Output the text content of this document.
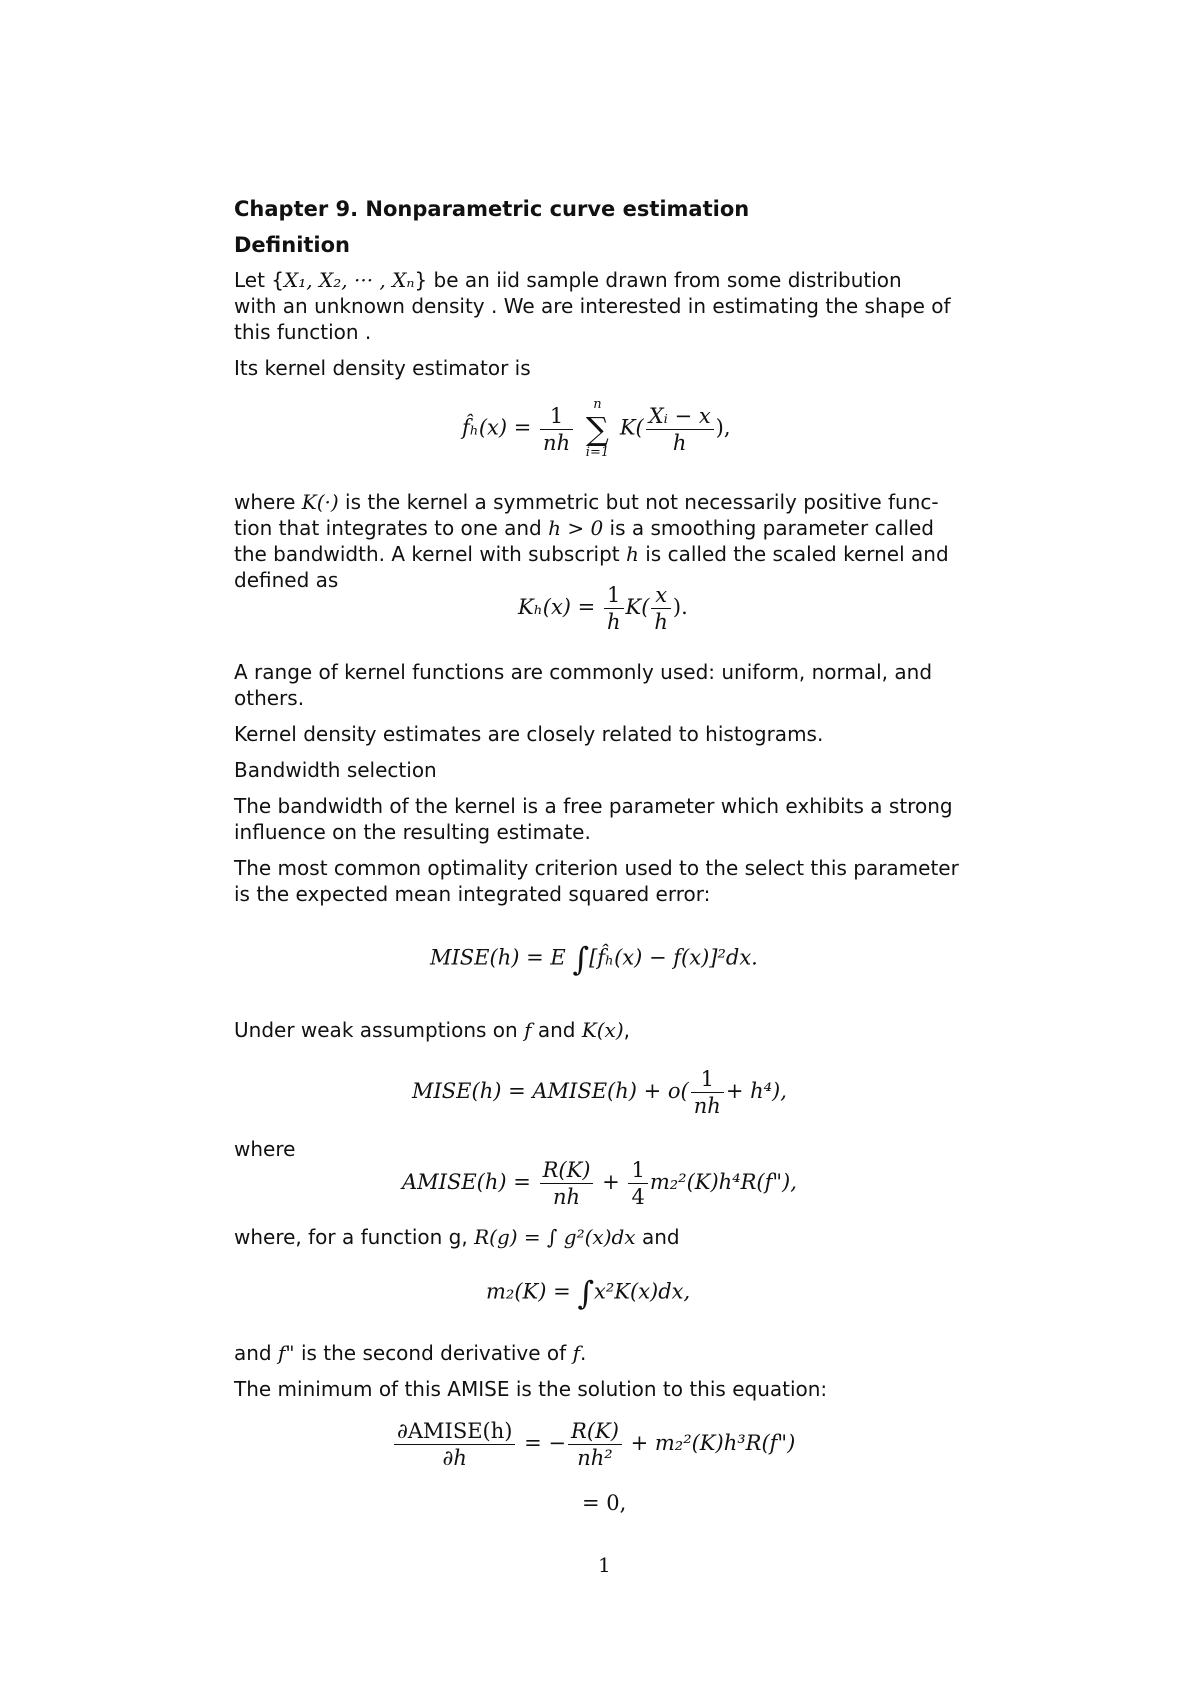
Chapter 9. Nonparametric curve estimation
Definition
Let {X₁, X₂, ··· , Xₙ} be an iid sample drawn from some distribution
with an unknown density . We are interested in estimating the shape of
this function .
Its kernel density estimator is
f̂ₕ(x) = $\frac{1}{nh}$
	n
∑
i=1
$K( \frac{\text{Xᵢ − x}}{h}$ ),
where K(·) is the kernel a symmetric but not necessarily positive func-
tion that integrates to one and h > 0 is a smoothing parameter called
the bandwidth. A kernel with subscript h is called the scaled kernel and
defined as
$K_h(x) = \frac{1}{h} K( \frac{x}{h}$ ).
A range of kernel functions are commonly used: uniform, normal, and
others.
Kernel density estimates are closely related to histograms.
Bandwidth selection
The bandwidth of the kernel is a free parameter which exhibits a strong
influence on the resulting estimate.
The most common optimality criterion used to the select this parameter
is the expected mean integrated squared error:
MISE(h) = E ∫[f̂ₕ(x) − f(x)]²dx.
Under weak assumptions on f and K(x),
MISE(h) = AMISE(h) + $o( \frac{1}{nh} + h^4)$,
where
AMISE(h) = $\frac{R(K)}{nh} + \frac{1}{4}$ m₂²(K)h⁴R(f"),
where, for a function g, R(g) = ∫ g²(x)dx and
m₂(K) = ∫x²K(x)dx,
and f" is the second derivative of f.
The minimum of this AMISE is the solution to this equation:
$\frac{\text{∂AMISE(h)}}{\partial h}$ = − $\frac{R(K)}{\text{nh²}}$ + m₂²(K)h³R(f")
= 0,
1
